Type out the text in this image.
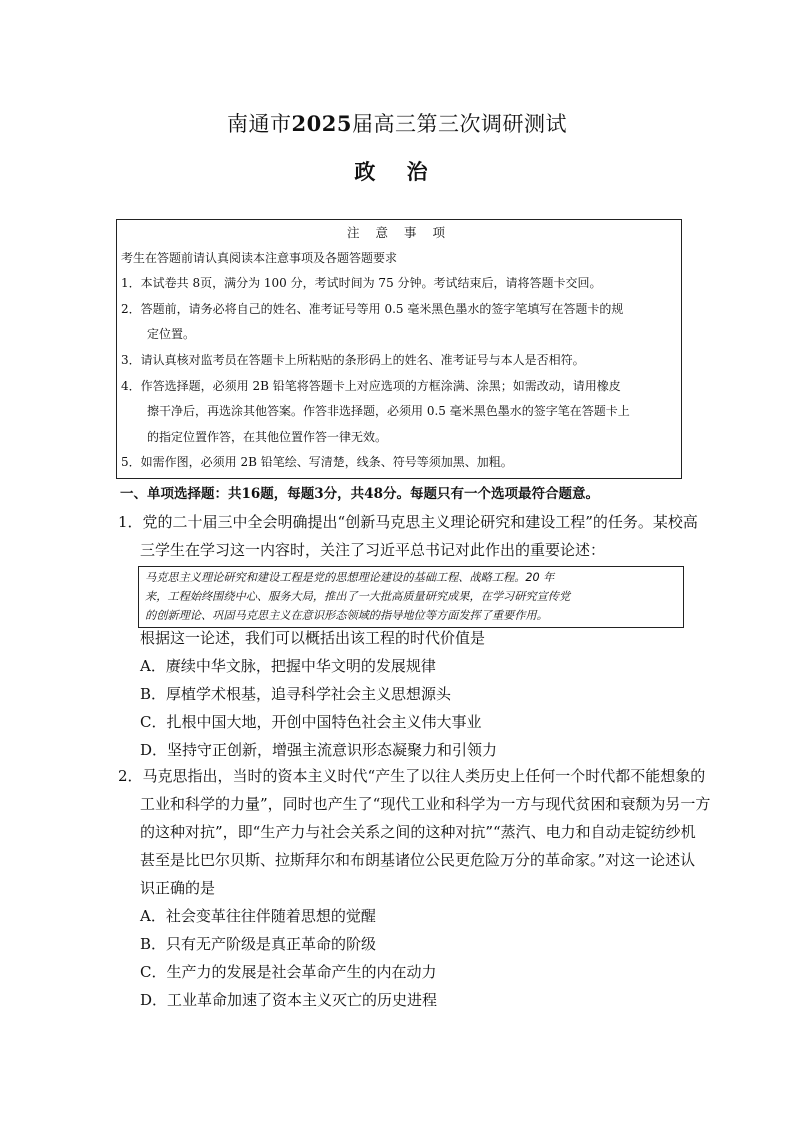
南通市2025届高三第三次调研测试
政 治
注 意 事 项
考生在答题前请认真阅读本注意事项及各题答题要求
1．本试卷共 8页，满分为 100 分，考试时间为 75 分钟。考试结束后，请将答题卡交回。
2．答题前，请务必将自己的姓名、准考证号等用 0.5 毫米黑色墨水的签字笔填写在答题卡的规
定位置。
3．请认真核对监考员在答题卡上所粘贴的条形码上的姓名、准考证号与本人是否相符。
4．作答选择题，必须用 2B 铅笔将答题卡上对应选项的方框涂满、涂黑；如需改动，请用橡皮
擦干净后，再选涂其他答案。作答非选择题，必须用 0.5 毫米黑色墨水的签字笔在答题卡上
的指定位置作答，在其他位置作答一律无效。
5．如需作图，必须用 2B 铅笔绘、写清楚，线条、符号等须加黑、加粗。
一、单项选择题：共16题，每题3分，共48分。每题只有一个选项最符合题意。
1．党的二十届三中全会明确提出“创新马克思主义理论研究和建设工程”的任务。某校高
三学生在学习这一内容时，关注了习近平总书记对此作出的重要论述：
马克思主义理论研究和建设工程是党的思想理论建设的基础工程、战略工程。20 年
来，工程始终围绕中心、服务大局，推出了一大批高质量研究成果，在学习研究宣传党
的创新理论、巩固马克思主义在意识形态领域的指导地位等方面发挥了重要作用。
根据这一论述，我们可以概括出该工程的时代价值是
A．赓续中华文脉，把握中华文明的发展规律
B．厚植学术根基，追寻科学社会主义思想源头
C．扎根中国大地，开创中国特色社会主义伟大事业
D．坚持守正创新，增强主流意识形态凝聚力和引领力
2．马克思指出，当时的资本主义时代“产生了以往人类历史上任何一个时代都不能想象的
工业和科学的力量”，同时也产生了“现代工业和科学为一方与现代贫困和衰颓为另一方
的这种对抗”，即“生产力与社会关系之间的这种对抗”“蒸汽、电力和自动走锭纺纱机
甚至是比巴尔贝斯、拉斯拜尔和布朗基诸位公民更危险万分的革命家。”对这一论述认
识正确的是
A．社会变革往往伴随着思想的觉醒
B．只有无产阶级是真正革命的阶级
C．生产力的发展是社会革命产生的内在动力
D．工业革命加速了资本主义灭亡的历史进程
